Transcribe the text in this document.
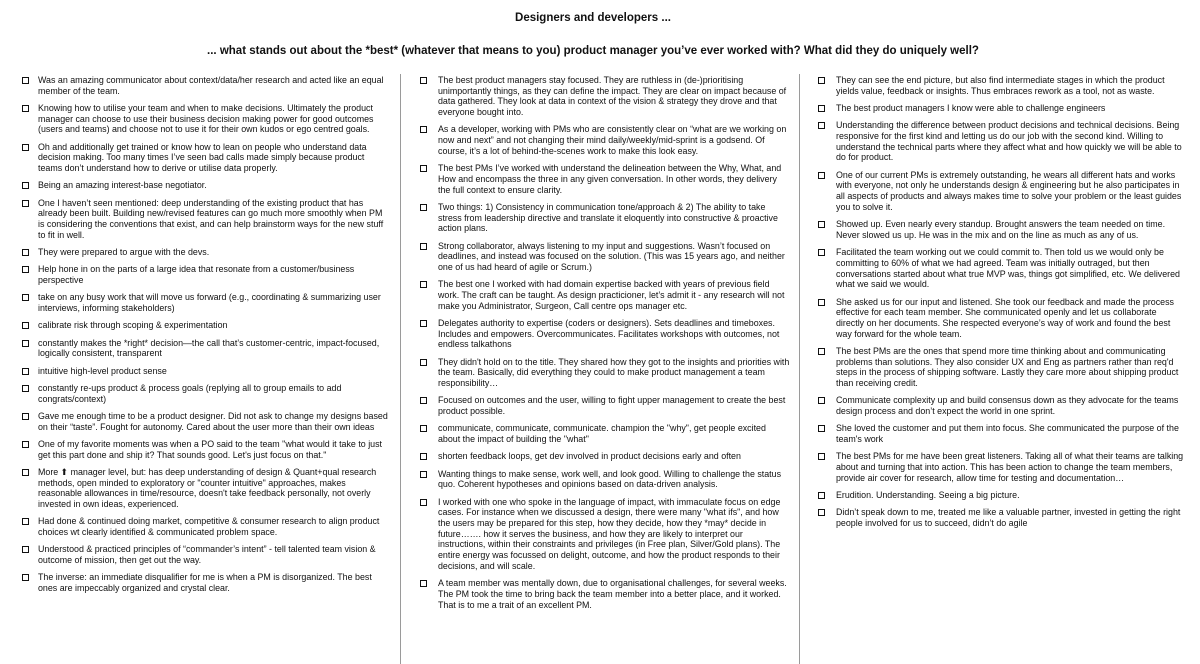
Designers and developers ...
... what stands out about the *best* (whatever that means to you) product manager you’ve ever worked with? What did they do uniquely well?
Was an amazing communicator about context/data/her research and acted like an equal member of the team.
Knowing how to utilise your team and when to make decisions. Ultimately the product manager can choose to use their business decision making power for good outcomes (users and teams) and choose not to use it for their own kudos or ego centred goals.
Oh and additionally get trained or know how to lean on people who understand data decision making. Too many times I’ve seen bad calls made simply because product teams don’t understand how to derive or utilise data properly.
Being an amazing interest-base negotiator.
One I haven’t seen mentioned: deep understanding of the existing product that has already been built. Building new/revised features can go much more smoothly when PM is considering the conventions that exist, and can help brainstorm ways for the new stuff to fit in well.
They were prepared to argue with the devs.
Help hone in on the parts of a large idea that resonate from a customer/business perspective
take on any busy work that will move us forward (e.g., coordinating & summarizing user interviews, informing stakeholders)
calibrate risk through scoping & experimentation
constantly makes the *right* decision—the call that’s customer-centric, impact-focused, logically consistent, transparent
intuitive high-level product sense
constantly re-ups product & process goals (replying all to group emails to add congrats/context)
Gave me enough time to be a product designer. Did not ask to change my designs based on their “taste”. Fought for autonomy. Cared about the user more than their own ideas
One of my favorite moments was when a PO said to the team "what would it take to just get this part done and ship it? That sounds good. Let's just focus on that."
More ⬆ manager level, but: has deep understanding of design & Quant+qual research methods, open minded to exploratory or "counter intuitive" approaches, makes reasonable allowances in time/resource, doesn't take feedback personally, not overly invested in own ideas, experienced.
Had done & continued doing market, competitive & consumer research to align product choices wt clearly identified & communicated problem space.
Understood & practiced principles of “commander’s intent” - tell talented team vision & outcome of mission, then get out the way.
The inverse: an immediate disqualifier for me is when a PM is disorganized. The best ones are impeccably organized and crystal clear.
The best product managers stay focused. They are ruthless in (de-)prioritising unimportantly things, as they can define the impact. They are clear on impact because of data gathered. They look at data in context of the vision & strategy they drove and that everyone bought into.
As a developer, working with PMs who are consistently clear on “what are we working on now and next” and not changing their mind daily/weekly/mid-sprint is a godsend. Of course, it’s a lot of behind-the-scenes work to make this look easy.
The best PMs I’ve worked with understand the delineation between the Why, What, and How and encompass the three in any given conversation. In other words, they delivery the full context to ensure clarity.
Two things: 1) Consistency in communication tone/approach & 2) The ability to take stress from leadership directive and translate it eloquently into constructive & proactive action plans.
Strong collaborator, always listening to my input and suggestions. Wasn’t focused on deadlines, and instead was focused on the solution. (This was 15 years ago, and neither one of us had heard of agile or Scrum.)
The best one I worked with had domain expertise backed with years of previous field work. The craft can be taught. As design practicioner, let’s admit it - any research will not make you Administrator, Surgeon, Call centre ops manager etc.
Delegates authority to expertise (coders or designers). Sets deadlines and timeboxes. Includes and empowers. Overcommunicates. Facilitates workshops with outcomes, not endless talkathons
They didn't hold on to the title. They shared how they got to the insights and priorities with the team. Basically, did everything they could to make product management a team responsibility…
Focused on outcomes and the user, willing to fight upper management to create the best product possible.
communicate, communicate, communicate. champion the "why", get people excited about the impact of building the "what"
shorten feedback loops, get dev involved in product decisions early and often
Wanting things to make sense, work well, and look good. Willing to challenge the status quo. Coherent hypotheses and opinions based on data-driven analysis.
I worked with one who spoke in the language of impact, with immaculate focus on edge cases. For instance when we discussed a design, there were many "what ifs", and how the users may be prepared for this step, how they decide, how they *may* decide in future……. how it serves the business, and how they are likely to interpret our instructions, within their constraints and privileges (in Free plan, Silver/Gold plans). The entire energy was focussed on delight, outcome, and how the product responds to their decisions, and will scale.
A team member was mentally down, due to organisational challenges, for several weeks. The PM took the time to bring back the team member into a better place, and it worked. That is to me a trait of an excellent PM.
They can see the end picture, but also find intermediate stages in which the product yields value, feedback or insights. Thus embraces rework as a tool, not as waste.
The best product managers I know were able to challenge engineers
Understanding the difference between product decisions and technical decisions. Being responsive for the first kind and letting us do our job with the second kind. Willing to understand the technical parts where they affect what and how quickly we will be able to do for product.
One of our current PMs is extremely outstanding, he wears all different hats and works with everyone, not only he understands design & engineering but he also participates in all aspects of products and always makes time to solve your problem or the least guides you to solve it.
Showed up. Even nearly every standup. Brought answers the team needed on time. Never slowed us up. He was in the mix and on the line as much as any of us.
Facilitated the team working out we could commit to. Then told us we would only be committing to 60% of what we had agreed. Team was initially outraged, but then conversations started about what true MVP was, things got simplified, etc. We delivered what we said we would.
She asked us for our input and listened. She took our feedback and made the process effective for each team member. She communicated openly and let us collaborate directly on her documents. She respected everyone’s way of work and found the best way forward for the whole team.
The best PMs are the ones that spend more time thinking about and communicating problems than solutions. They also consider UX and Eng as partners rather than req'd steps in the process of shipping software. Lastly they care more about shipping product than receiving credit.
Communicate complexity up and build consensus down as they advocate for the teams design process and don’t expect the world in one sprint.
She loved the customer and put them into focus. She communicated the purpose of the team's work
The best PMs for me have been great listeners. Taking all of what their teams are talking about and turning that into action. This has been action to change the team members, provide air cover for research, allow time for testing and documentation…
Erudition. Understanding. Seeing a big picture.
Didn’t speak down to me, treated me like a valuable partner, invested in getting the right people involved for us to succeed, didn’t do agile
